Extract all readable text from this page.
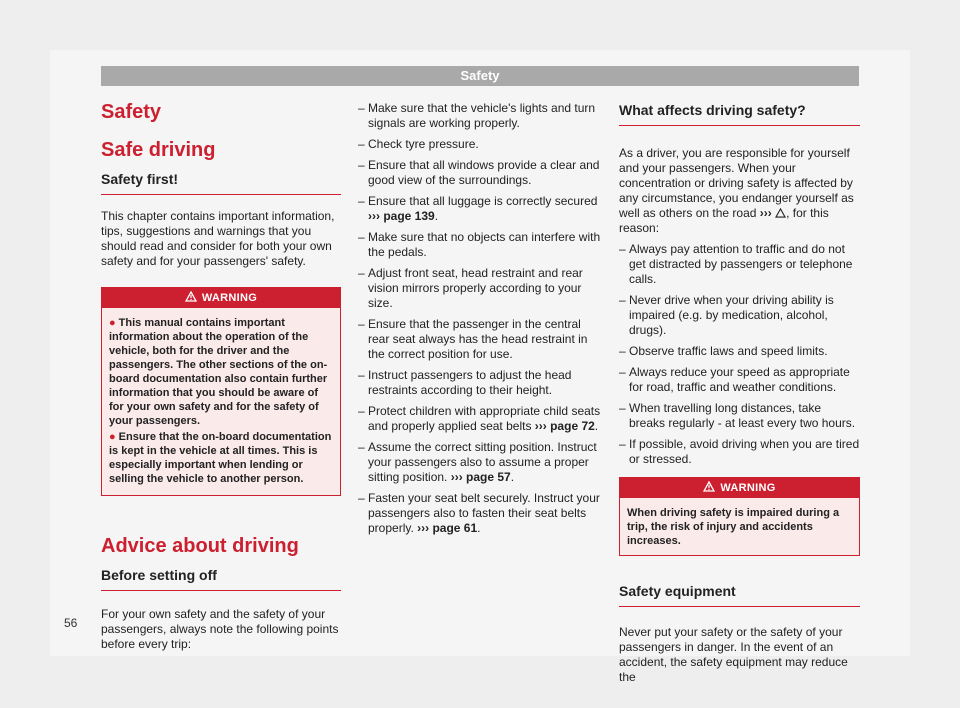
Safety
Safety
Safe driving
Safety first!

This chapter contains important information, tips, suggestions and warnings that you should read and consider for both your own safety and for your passengers' safety.

WARNING
● This manual contains important information about the operation of the vehicle, both for the driver and the passengers. The other sections of the on-board documentation also contain further information that you should be aware of for your own safety and for the safety of your passengers.
● Ensure that the on-board documentation is kept in the vehicle at all times. This is especially important when lending or selling the vehicle to another person.
Advice about driving
Before setting off

For your own safety and the safety of your passengers, always note the following points before every trip:

– Make sure that the vehicle's lights and turn signals are working properly.
– Check tyre pressure.
– Ensure that all windows provide a clear and good view of the surroundings.
– Ensure that all luggage is correctly secured ››› page 139.
– Make sure that no objects can interfere with the pedals.
– Adjust front seat, head restraint and rear vision mirrors properly according to your size.
– Ensure that the passenger in the central rear seat always has the head restraint in the correct position for use.
– Instruct passengers to adjust the head restraints according to their height.
– Protect children with appropriate child seats and properly applied seat belts ››› page 72.
– Assume the correct sitting position. Instruct your passengers also to assume a proper sitting position. ››› page 57.
– Fasten your seat belt securely. Instruct your passengers also to fasten their seat belts properly. ››› page 61.
What affects driving safety?

As a driver, you are responsible for yourself and your passengers. When your concentration or driving safety is affected by any circumstance, you endanger yourself as well as others on the road ››› , for this reason:

– Always pay attention to traffic and do not get distracted by passengers or telephone calls.
– Never drive when your driving ability is impaired (e.g. by medication, alcohol, drugs).
– Observe traffic laws and speed limits.
– Always reduce your speed as appropriate for road, traffic and weather conditions.
– When travelling long distances, take breaks regularly - at least every two hours.
– If possible, avoid driving when you are tired or stressed.
WARNING
When driving safety is impaired during a trip, the risk of injury and accidents increases.
Safety equipment

Never put your safety or the safety of your passengers in danger. In the event of an accident, the safety equipment may reduce the

56
